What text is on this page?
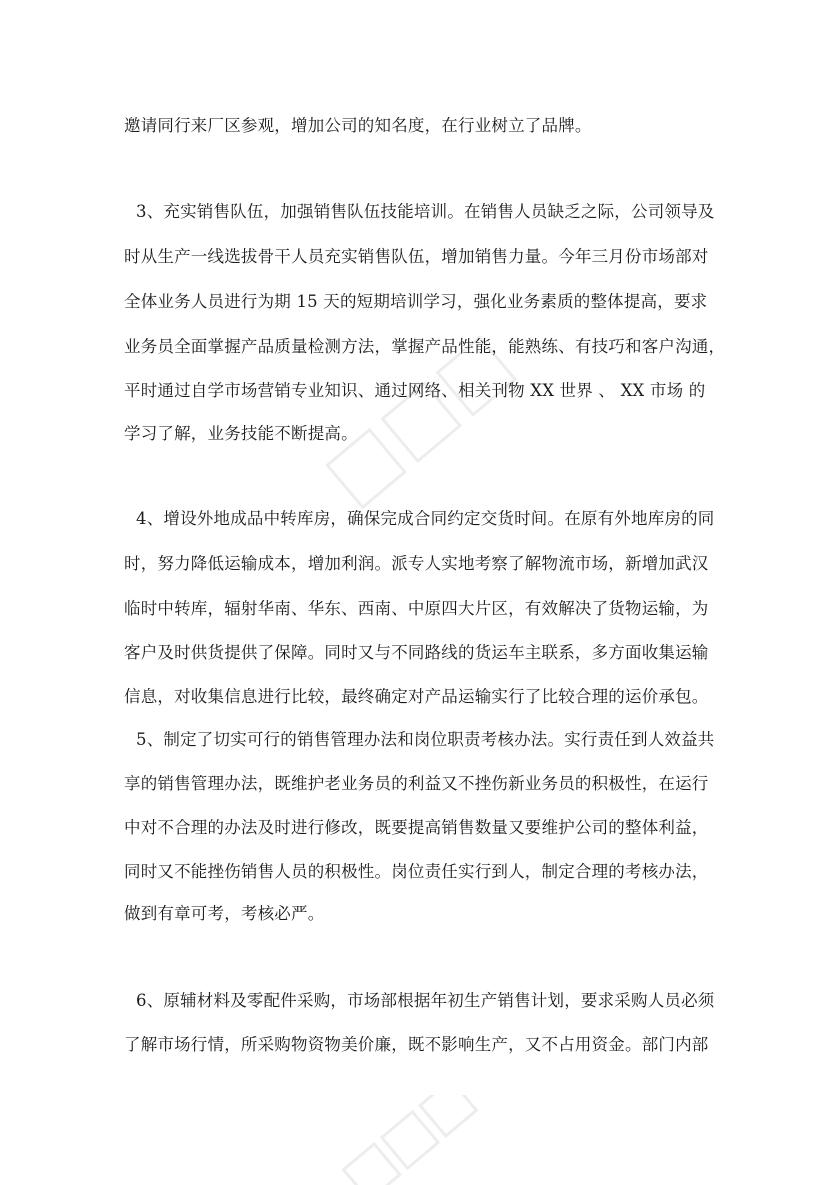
邀请同行来厂区参观，增加公司的知名度，在行业树立了品牌。
3、充实销售队伍，加强销售队伍技能培训。在销售人员缺乏之际，公司领导及
时从生产一线选拔骨干人员充实销售队伍，增加销售力量。今年三月份市场部对
全体业务人员进行为期 15 天的短期培训学习，强化业务素质的整体提高，要求
业务员全面掌握产品质量检测方法，掌握产品性能，能熟练、有技巧和客户沟通，
平时通过自学市场营销专业知识、通过网络、相关刊物 XX 世界 、 XX 市场 的
学习了解，业务技能不断提高。
4、增设外地成品中转库房，确保完成合同约定交货时间。在原有外地库房的同
时，努力降低运输成本，增加利润。派专人实地考察了解物流市场，新增加武汉
临时中转库，辐射华南、华东、西南、中原四大片区，有效解决了货物运输，为
客户及时供货提供了保障。同时又与不同路线的货运车主联系，多方面收集运输
信息，对收集信息进行比较，最终确定对产品运输实行了比较合理的运价承包。
5、制定了切实可行的销售管理办法和岗位职责考核办法。实行责任到人效益共
享的销售管理办法，既维护老业务员的利益又不挫伤新业务员的积极性，在运行
中对不合理的办法及时进行修改，既要提高销售数量又要维护公司的整体利益，
同时又不能挫伤销售人员的积极性。岗位责任实行到人，制定合理的考核办法，
做到有章可考，考核必严。
6、原辅材料及零配件采购，市场部根据年初生产销售计划，要求采购人员必须
了解市场行情，所采购物资物美价廉，既不影响生产，又不占用资金。部门内部
